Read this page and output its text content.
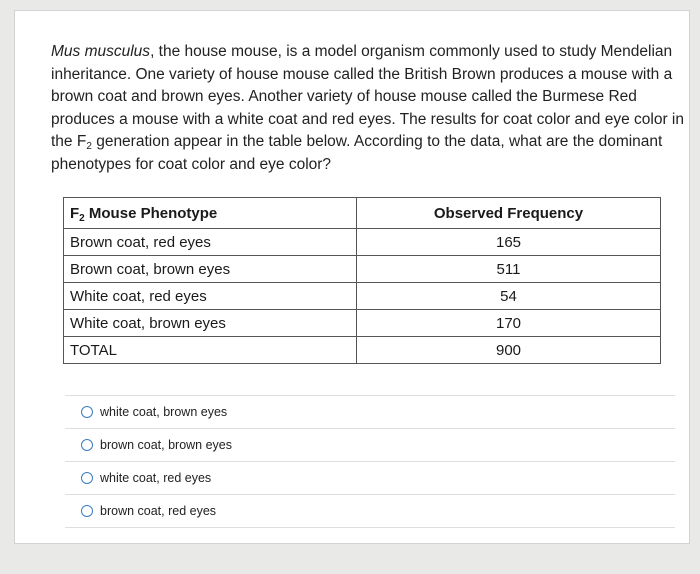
Mus musculus, the house mouse, is a model organism commonly used to study Mendelian inheritance. One variety of house mouse called the British Brown produces a mouse with a brown coat and brown eyes. Another variety of house mouse called the Burmese Red produces a mouse with a white coat and red eyes. The results for coat color and eye color in the $F_2$ generation appear in the table below. According to the data, what are the dominant phenotypes for coat color and eye color?
$F_2$ Mouse Phenotype	Observed Frequency
Brown coat, red eyes	165
Brown coat, brown eyes	511
White coat, red eyes	54
White coat, brown eyes	170
TOTAL	900
white coat, brown eyes
brown coat, brown eyes
white coat, red eyes
brown coat, red eyes
